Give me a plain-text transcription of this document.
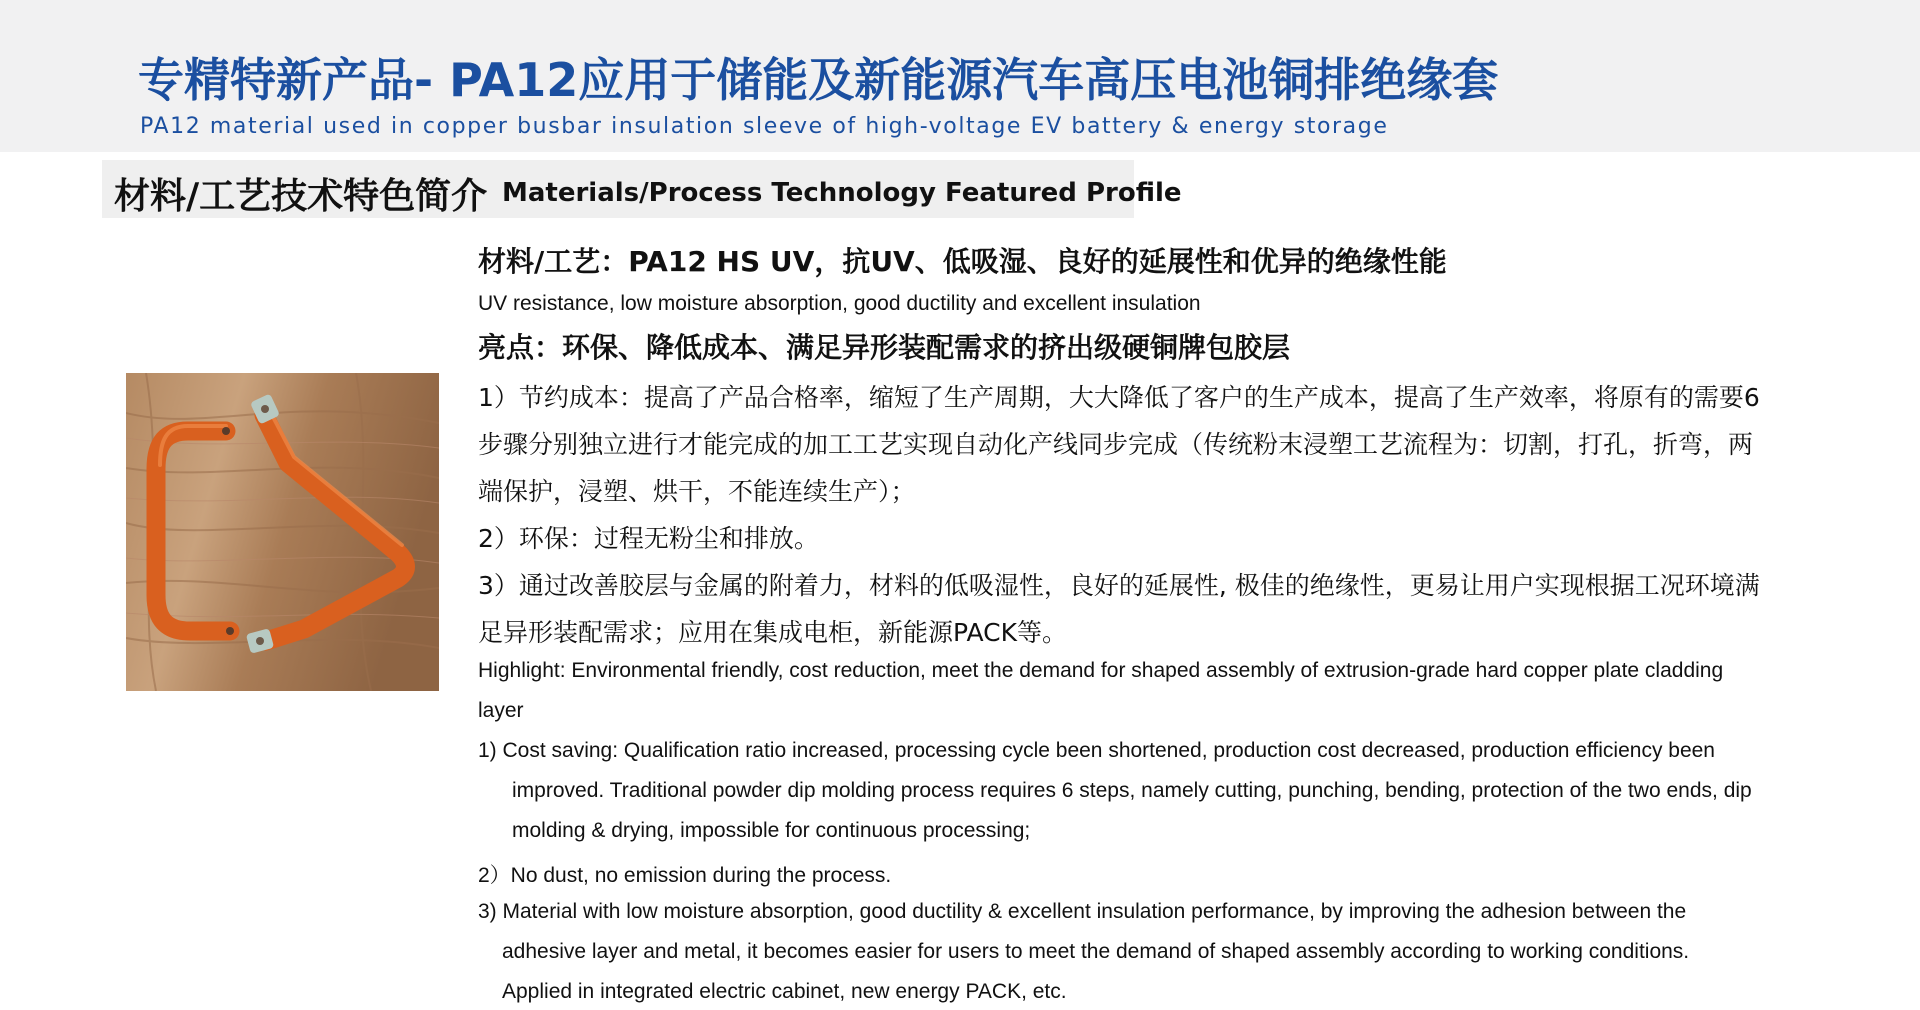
专精特新产品- PA12应用于储能及新能源汽车高压电池铜排绝缘套
PA12 material used in copper busbar insulation sleeve of high-voltage EV battery & energy storage
材料/工艺技术特色简介 Materials/Process Technology Featured Profile
材料/工艺：PA12 HS UV，抗UV、低吸湿、良好的延展性和优异的绝缘性能
UV resistance, low moisture absorption, good ductility and excellent insulation
亮点：环保、降低成本、满足异形装配需求的挤出级硬铜牌包胶层
1）节约成本：提高了产品合格率，缩短了生产周期，大大降低了客户的生产成本，提高了生产效率，将原有的需要6
步骤分别独立进行才能完成的加工工艺实现自动化产线同步完成（传统粉末浸塑工艺流程为：切割，打孔，折弯，两
端保护，浸塑、烘干，不能连续生产）；
2）环保：过程无粉尘和排放。
3）通过改善胶层与金属的附着力，材料的低吸湿性，良好的延展性, 极佳的绝缘性，更易让用户实现根据工况环境满
足异形装配需求；应用在集成电柜，新能源PACK等。
Highlight: Environmental friendly, cost reduction, meet the demand for shaped assembly of extrusion-grade hard copper plate cladding
layer
1) Cost saving: Qualification ratio increased, processing cycle been shortened, production cost decreased, production efficiency been
improved. Traditional powder dip molding process requires 6 steps, namely cutting, punching, bending, protection of the two ends, dip
molding & drying, impossible for continuous processing;
2）No dust, no emission during the process.
3) Material with low moisture absorption, good ductility & excellent insulation performance, by improving the adhesion between the
adhesive layer and metal, it becomes easier for users to meet the demand of shaped assembly according to working conditions.
Applied in integrated electric cabinet, new energy PACK, etc.
